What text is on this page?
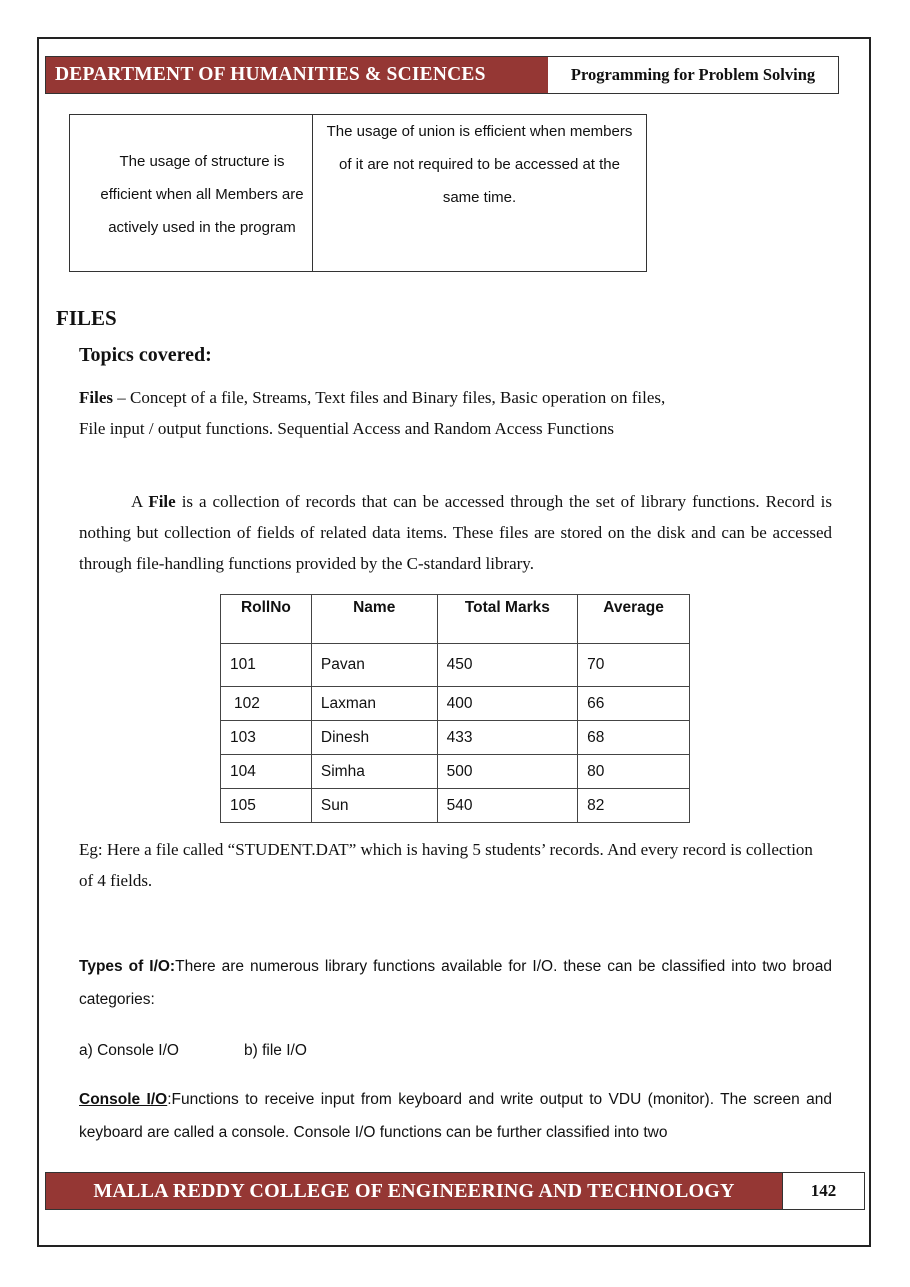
DEPARTMENT OF HUMANITIES & SCIENCES	Programming for Problem Solving
The usage of structure is efficient when all Members are actively used in the program
The usage of union is efficient when members of it are not required to be accessed at the same time.
FILES
Topics covered:
Files – Concept of a file, Streams, Text files and Binary files, Basic operation on files,
File input / output functions. Sequential Access and Random Access Functions
A File is a collection of records that can be accessed through the set of library functions. Record is nothing but collection of fields of related data items. These files are stored on the disk and can be accessed through file-handling functions provided by the C-standard library.
RollNo	Name	Total Marks	Average
101	Pavan	450	70
102	Laxman	400	66
103	Dinesh	433	68
104	Simha	500	80
105	Sun	540	82
Eg: Here a file called “STUDENT.DAT” which is having 5 students’ records. And every record is collection of 4 fields.
Types of I/O:There are numerous library functions available for I/O. these can be classified into two broad categories:
a) Console I/O	b) file I/O
Console I/O:Functions to receive input from keyboard and write output to VDU (monitor). The screen and keyboard are called a console. Console I/O functions can be further classified into two
MALLA REDDY COLLEGE OF ENGINEERING AND TECHNOLOGY	142
